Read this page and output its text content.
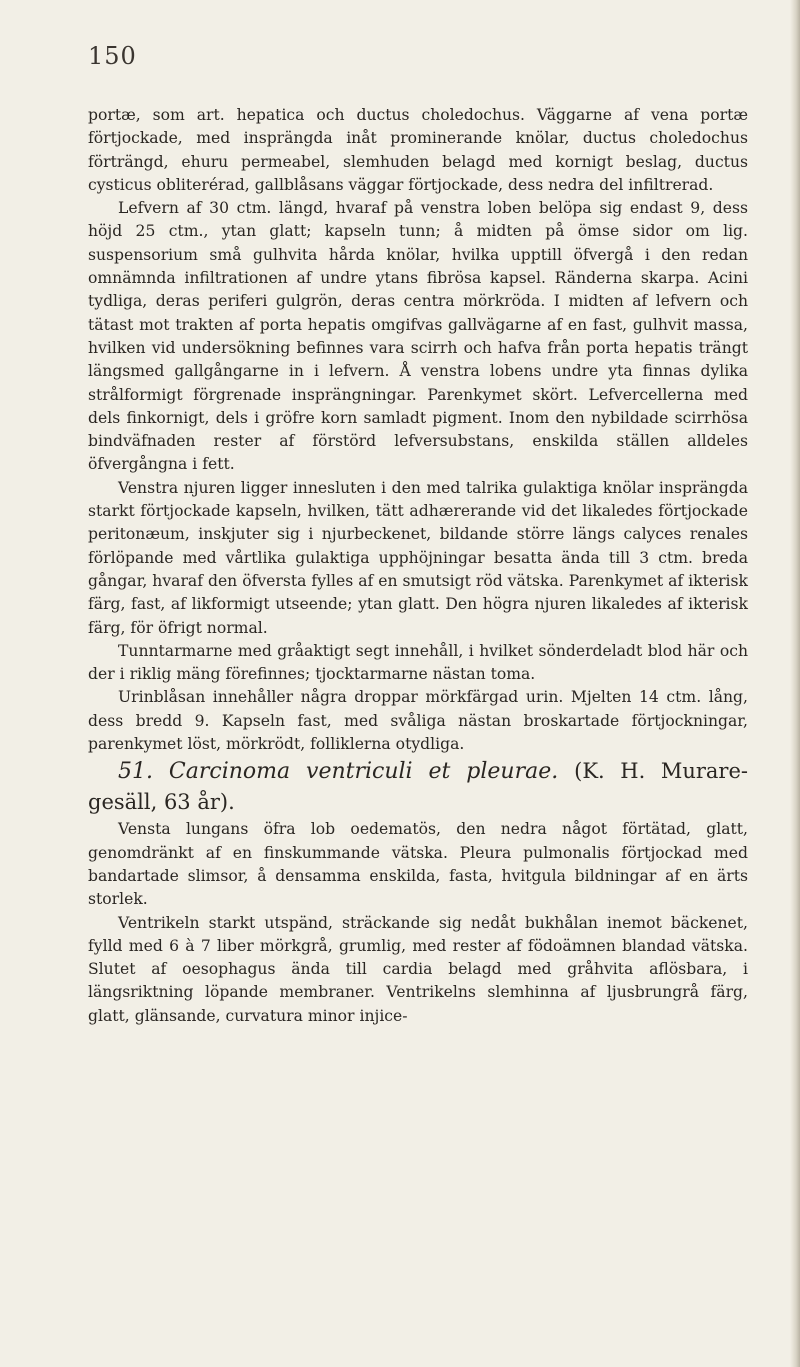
150

portæ, som art. hepatica och ductus choledochus. Väggarne af vena portæ förtjockade, med insprängda inåt prominerande knölar, ductus choledochus förträngd, ehuru permeabel, slemhuden belagd med kornigt beslag, ductus cysticus obliterérad, gallblåsans väggar förtjockade, dess nedra del infiltrerad.

Lefvern af 30 ctm. längd, hvaraf på venstra loben belöpa sig endast 9, dess höjd 25 ctm., ytan glatt; kapseln tunn; å midten på ömse sidor om lig. suspensorium små gulhvita hårda knölar, hvilka upptill öfvergå i den redan omnämnda infiltrationen af undre ytans fibrösa kapsel. Ränderna skarpa. Acini tydliga, deras periferi gulgrön, deras centra mörkröda. I midten af lefvern och tätast mot trakten af porta hepatis omgifvas gallvägarne af en fast, gulhvit massa, hvilken vid undersökning befinnes vara scirrh och hafva från porta hepatis trängt längsmed gallgångarne in i lefvern. Å venstra lobens undre yta finnas dylika strålformigt förgrenade insprängningar. Parenkymet skört. Lefvercellerna med dels finkornigt, dels i gröfre korn samladt pigment. Inom den nybildade scirrhösa bindväfnaden rester af förstörd lefversubstans, enskilda ställen alldeles öfvergångna i fett.

Venstra njuren ligger innesluten i den med talrika gulaktiga knölar insprängda starkt förtjockade kapseln, hvilken, tätt adhærerande vid det likaledes förtjockade peritonæum, inskjuter sig i njurbeckenet, bildande större längs calyces renales förlöpande med vårtlika gulaktiga upphöjningar besatta ända till 3 ctm. breda gångar, hvaraf den öfversta fylles af en smutsigt röd vätska. Parenkymet af ikterisk färg, fast, af likformigt utseende; ytan glatt. Den högra njuren likaledes af ikterisk färg, för öfrigt normal.

Tunntarmarne med gråaktigt segt innehåll, i hvilket sönderdeladt blod här och der i riklig mäng förefinnes; tjocktarmarne nästan toma.

Urinblåsan innehåller några droppar mörkfärgad urin. Mjelten 14 ctm. lång, dess bredd 9. Kapseln fast, med svåliga nästan broskartade förtjockningar, parenkymet löst, mörkrödt, folliklerna otydliga.

51. Carcinoma ventriculi et pleurae. (K. H. Murare-gesäll, 63 år).

Vensta lungans öfra lob oedematös, den nedra något förtätad, glatt, genomdränkt af en finskummande vätska. Pleura pulmonalis förtjockad med bandartade slimsor, å densamma enskilda, fasta, hvitgula bildningar af en ärts storlek.

Ventrikeln starkt utspänd, sträckande sig nedåt bukhålan inemot bäckenet, fylld med 6 à 7 liber mörkgrå, grumlig, med rester af födoämnen blandad vätska. Slutet af oesophagus ända till cardia belagd med gråhvita aflösbara, i längsriktning löpande membraner. Ventrikelns slemhinna af ljusbrungrå färg, glatt, glänsande, curvatura minor injice-
